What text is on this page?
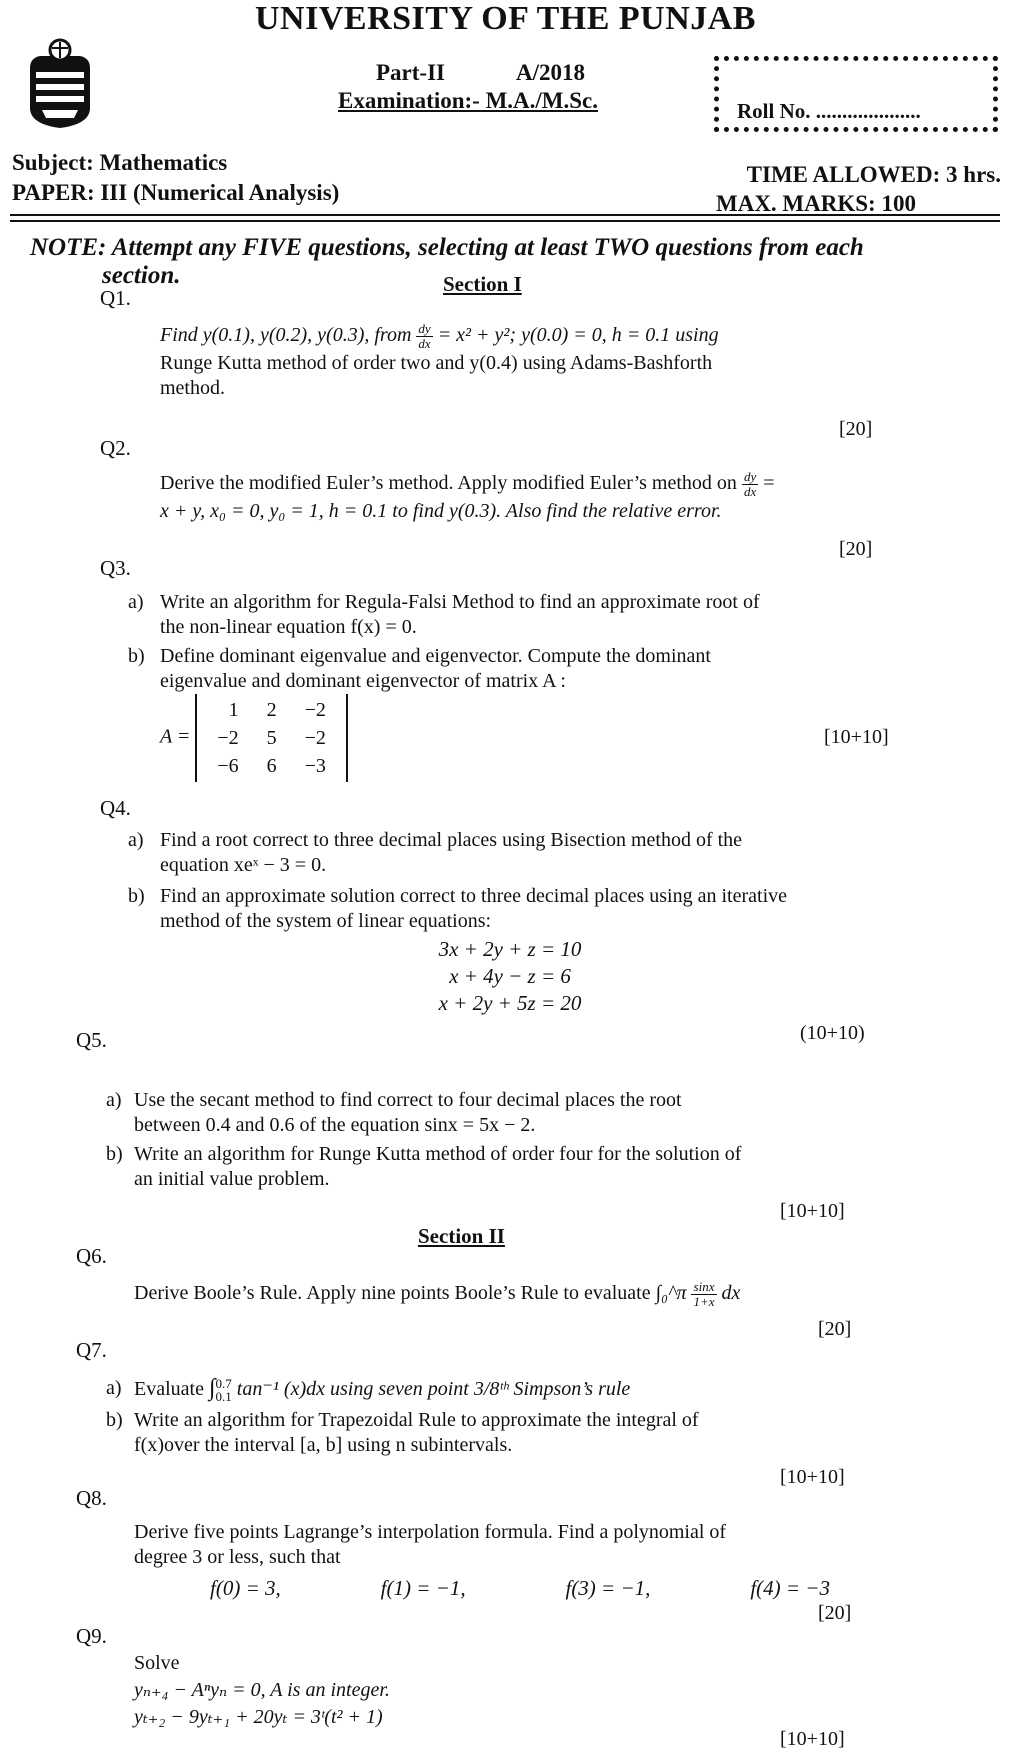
UNIVERSITY OF THE PUNJAB
Part-II	A/2018
Examination:- M.A./M.Sc.	Roll No. ....................
Subject: Mathematics
PAPER: III (Numerical Analysis)
TIME ALLOWED: 3 hrs.
MAX. MARKS: 100
NOTE: Attempt any FIVE questions, selecting at least TWO questions from each
section.	Section I
Q1.
Find y(0.1), y(0.2), y(0.3), from $\frac{dy}{dx} = x^2 + y^2$; y(0.0) = 0, h = 0.1 using
Runge Kutta method of order two and y(0.4) using Adams-Bashforth
method.
[20]
Q2.
Derive the modified Euler’s method. Apply modified Euler’s method on $\frac{dy}{dx}$ =
x + y, x₀ = 0, y₀ = 1, h = 0.1 to find y(0.3). Also find the relative error.
[20]
Q3.
a) Write an algorithm for Regula-Falsi Method to find an approximate root of
the non-linear equation f(x) = 0.
b) Define dominant eigenvalue and eigenvector. Compute the dominant
eigenvalue and dominant eigenvector of matrix A :
A =
1	2	−2
−2	5	−2
−6	6	−3
[10+10]
Q4.
a) Find a root correct to three decimal places using Bisection method of the
equation xeˣ − 3 = 0.
b) Find an approximate solution correct to three decimal places using an iterative
method of the system of linear equations:
3x + 2y + z = 10
x + 4y − z = 6
x + 2y + 5z = 20
Q5.	(10+10)
a) Use the secant method to find correct to four decimal places the root
between 0.4 and 0.6 of the equation sinx = 5x − 2.
b) Write an algorithm for Runge Kutta method of order four for the solution of
an initial value problem.
[10+10]
Section II
Q6.
Derive Boole’s Rule. Apply nine points Boole’s Rule to evaluate ∫₀^π $\frac{\sin x}{1+x}$ dx
[20]
Q7.
a) Evaluate ∫ 0.7
0.1 tan⁻¹ (x)dx using seven point 3/8ᵗʰ Simpson’s rule
b) Write an algorithm for Trapezoidal Rule to approximate the integral of
f(x)over the interval [a, b] using n subintervals.
[10+10]
Q8.
Derive five points Lagrange’s interpolation formula. Find a polynomial of
degree 3 or less, such that
f(0) = 3,	f(1) = −1,	f(3) = −1,	f(4) = −3
[20]
Q9.
Solve
yₙ₊₄ − Aⁿyₙ = 0, A is an integer.
yₜ₊₂ − 9yₜ₊₁ + 20yₜ = 3ᵗ(t² + 1)
[10+10]
